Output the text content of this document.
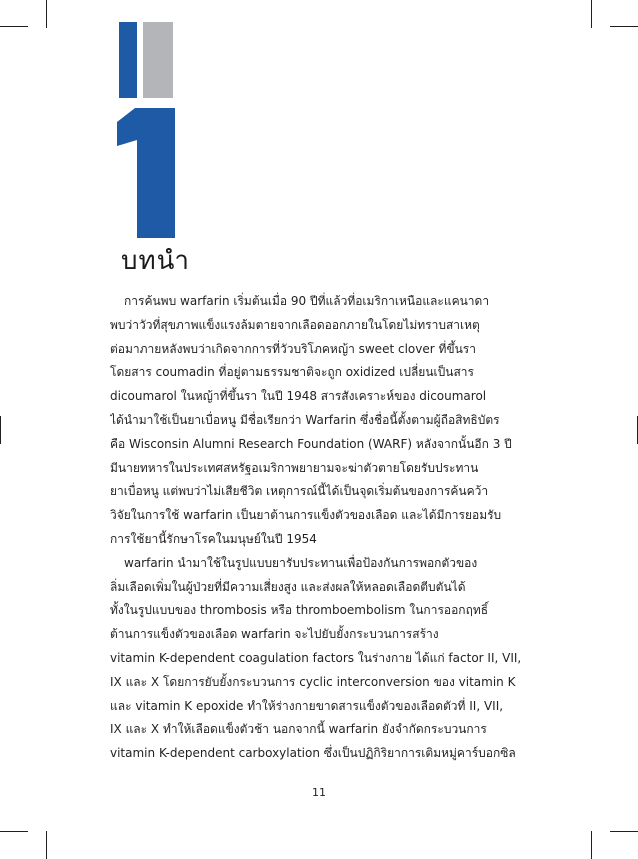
บทนำ

การค้นพบ warfarin เริ่มต้นเมื่อ 90 ปีที่แล้วที่อเมริกาเหนือและแคนาดา
พบว่าวัวที่สุขภาพแข็งแรงล้มตายจากเลือดออกภายในโดยไม่ทราบสาเหตุ
ต่อมาภายหลังพบว่าเกิดจากการที่วัวบริโภคหญ้า sweet clover ที่ขึ้นรา
โดยสาร coumadin ที่อยู่ตามธรรมชาติจะถูก oxidized เปลี่ยนเป็นสาร
dicoumarol ในหญ้าที่ขึ้นรา ในปี 1948 สารสังเคราะห์ของ dicoumarol
ได้นำมาใช้เป็นยาเบื่อหนู มีชื่อเรียกว่า Warfarin ซึ่งชื่อนี้ตั้งตามผู้ถือสิทธิบัตร
คือ Wisconsin Alumni Research Foundation (WARF) หลังจากนั้นอีก 3 ปี
มีนายทหารในประเทศสหรัฐอเมริกาพยายามจะฆ่าตัวตายโดยรับประทาน
ยาเบื่อหนู แต่พบว่าไม่เสียชีวิต เหตุการณ์นี้ได้เป็นจุดเริ่มต้นของการค้นคว้า
วิจัยในการใช้ warfarin เป็นยาต้านการแข็งตัวของเลือด และได้มีการยอมรับ
การใช้ยานี้รักษาโรคในมนุษย์ในปี 1954

warfarin นำมาใช้ในรูปแบบยารับประทานเพื่อป้องกันการพอกตัวของ
ลิ่มเลือดเพิ่มในผู้ป่วยที่มีความเสี่ยงสูง และส่งผลให้หลอดเลือดตีบตันได้
ทั้งในรูปแบบของ thrombosis หรือ thromboembolism ในการออกฤทธิ์
ต้านการแข็งตัวของเลือด warfarin จะไปยับยั้งกระบวนการสร้าง
vitamin K-dependent coagulation factors ในร่างกาย ได้แก่ factor II, VII,
IX และ X โดยการยับยั้งกระบวนการ cyclic interconversion ของ vitamin K
และ vitamin K epoxide ทำให้ร่างกายขาดสารแข็งตัวของเลือดตัวที่ II, VII,
IX และ X ทำให้เลือดแข็งตัวช้า นอกจากนี้ warfarin ยังจำกัดกระบวนการ
vitamin K-dependent carboxylation ซึ่งเป็นปฏิกิริยาการเติมหมู่คาร์บอกซิล

11
